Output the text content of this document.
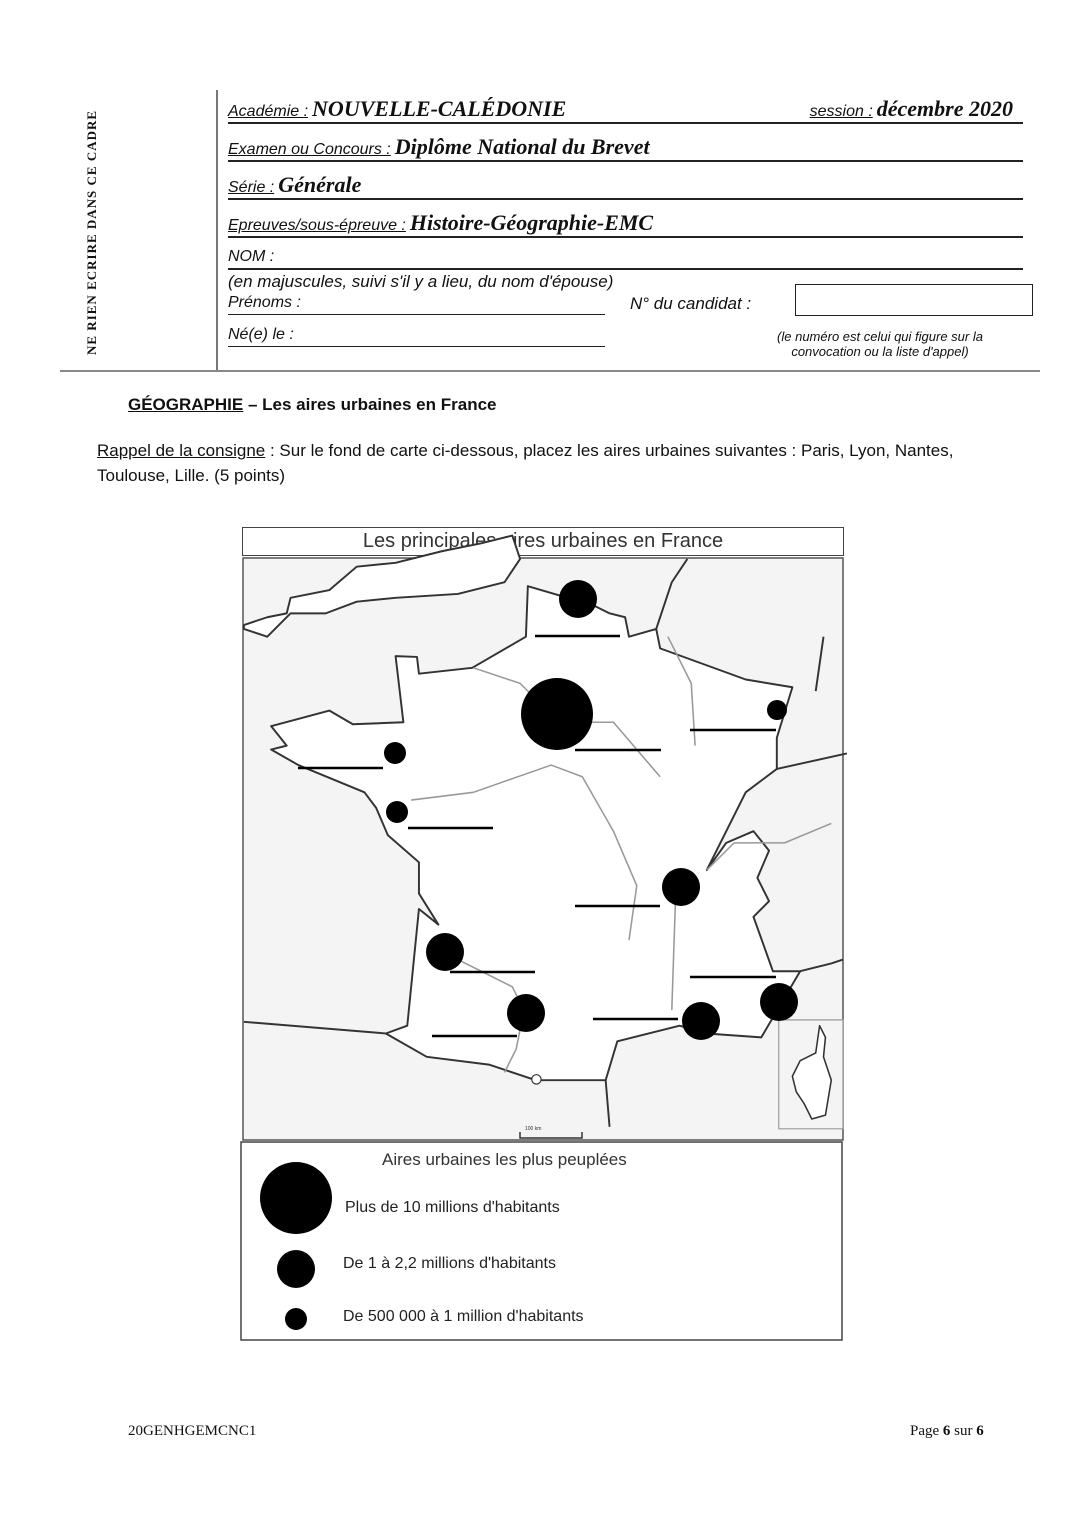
NE RIEN ECRIRE DANS CE CADRE	Académie : NOUVELLE-CALÉDONIE	session : décembre 2020
Examen ou Concours : Diplôme National du Brevet
Série : Générale
Epreuves/sous-épreuve : Histoire-Géographie-EMC
NOM :
(en majuscules, suivi s'il y a lieu, du nom d'épouse)
Prénoms :	N° du candidat :
Né(e) le :	(le numéro est celui qui figure sur la convocation ou la liste d'appel)
GÉOGRAPHIE – Les aires urbaines en France
Rappel de la consigne : Sur le fond de carte ci-dessous, placez les aires urbaines suivantes : Paris, Lyon, Nantes, Toulouse, Lille. (5 points)
Les principales aires urbaines en France
100 km
Aires urbaines les plus peuplées
Plus de 10 millions d'habitants
De 1 à 2,2 millions d'habitants
De 500 000 à 1 million d'habitants
20GENHGEMCNC1	Page 6 sur 6
